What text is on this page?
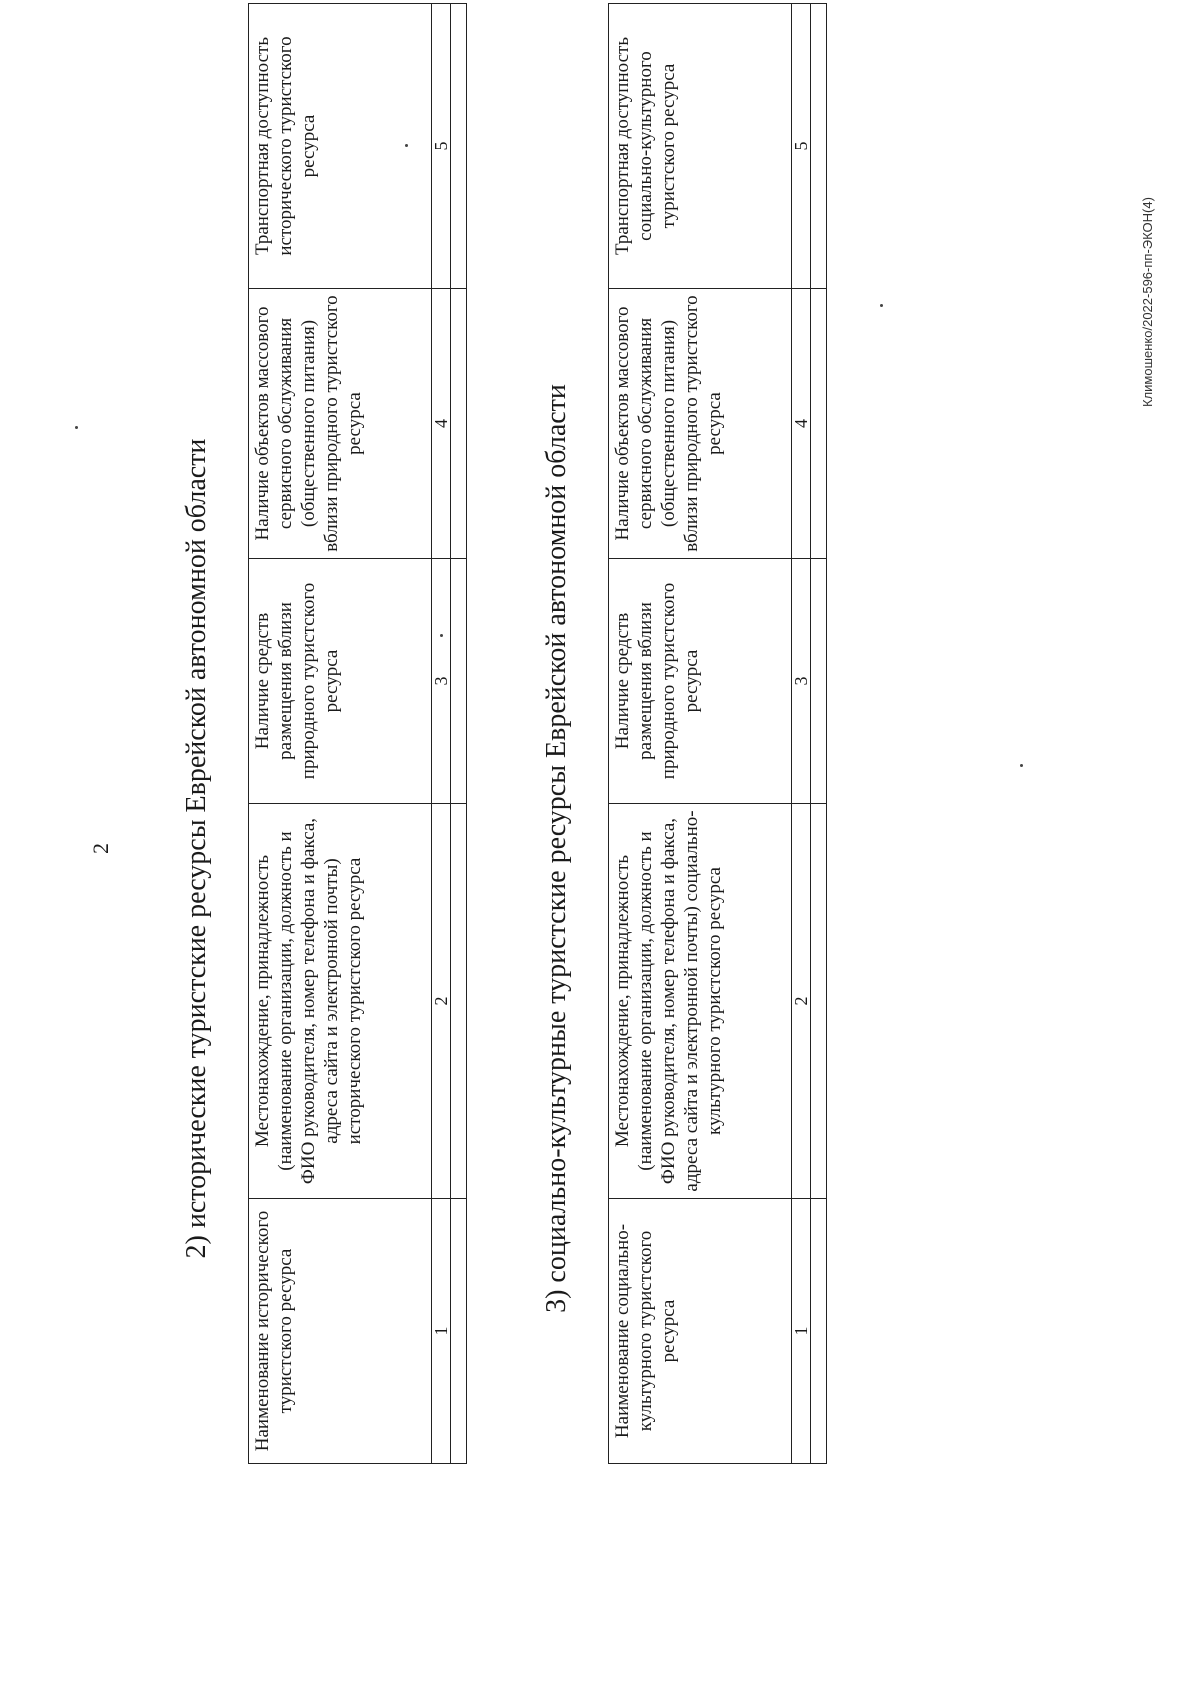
2 2) исторические туристские ресурсы Еврейской автономной области
Наименование исторического туристского ресурса	Местонахождение, принадлежность (наименование организации, должность и ФИО руководителя, номер телефона и факса, адреса сайта и электронной почты) исторического туристского ресурса	Наличие средств размещения вблизи природного туристского ресурса	Наличие объектов массового сервисного обслуживания (общественного питания) вблизи природного туристского ресурса	Транспортная доступность исторического туристского ресурса
1	2	3	4	5

3) социально-культурные туристские ресурсы Еврейской автономной области
Наименование социально-культурного туристского ресурса	Местонахождение, принадлежность (наименование организации, должность и ФИО руководителя, номер телефона и факса, адреса сайта и электронной почты) социально-культурного туристского ресурса	Наличие средств размещения вблизи природного туристского ресурса	Наличие объектов массового сервисного обслуживания (общественного питания) вблизи природного туристского ресурса	Транспортная доступность социально-культурного туристского ресурса
1	2	3	4	5

Климошенко/2022-596-пп-ЭКОН(4)
